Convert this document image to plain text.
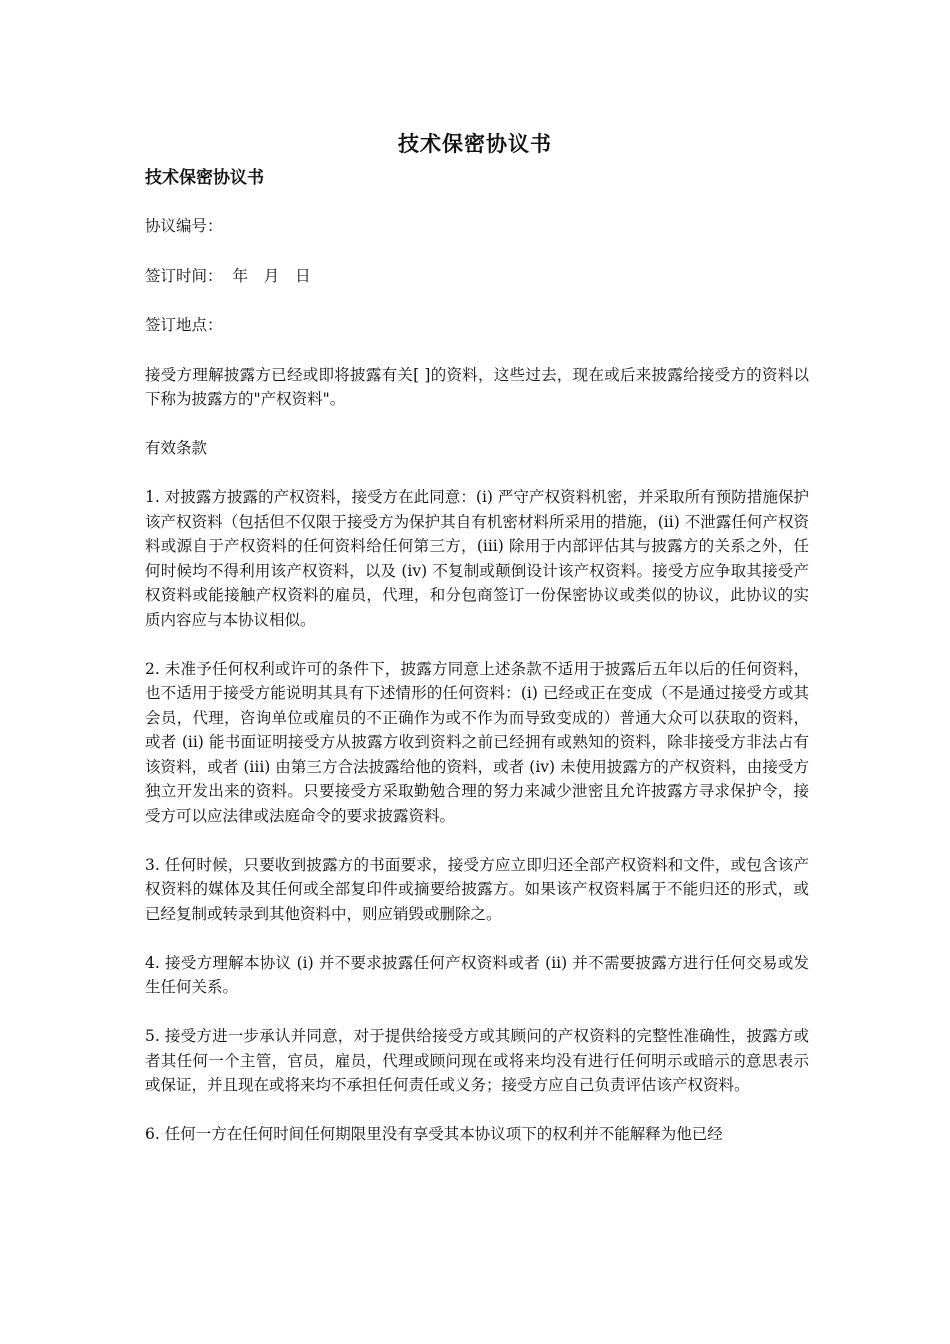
技术保密协议书
技术保密协议书
协议编号：
签订时间： 年 月 日
签订地点：

接受方理解披露方已经或即将披露有关[ ]的资料，这些过去，现在或后来披露给接受方的资料以下称为披露方的"产权资料"。

有效条款

1. 对披露方披露的产权资料，接受方在此同意：(i) 严守产权资料机密，并采取所有预防措施保护该产权资料（包括但不仅限于接受方为保护其自有机密材料所采用的措施，(ii) 不泄露任何产权资料或源自于产权资料的任何资料给任何第三方，(iii) 除用于内部评估其与披露方的关系之外，任何时候均不得利用该产权资料，以及 (iv) 不复制或颠倒设计该产权资料。接受方应争取其接受产权资料或能接触产权资料的雇员，代理，和分包商签订一份保密协议或类似的协议，此协议的实质内容应与本协议相似。

2. 未准予任何权利或许可的条件下，披露方同意上述条款不适用于披露后五年以后的任何资料，也不适用于接受方能说明其具有下述情形的任何资料：(i) 已经或正在变成（不是通过接受方或其会员，代理，咨询单位或雇员的不正确作为或不作为而导致变成的）普通大众可以获取的资料，或者 (ii) 能书面证明接受方从披露方收到资料之前已经拥有或熟知的资料，除非接受方非法占有该资料，或者 (iii) 由第三方合法披露给他的资料，或者 (iv) 未使用披露方的产权资料，由接受方独立开发出来的资料。只要接受方采取勤勉合理的努力来减少泄密且允许披露方寻求保护令，接受方可以应法律或法庭命令的要求披露资料。

3. 任何时候，只要收到披露方的书面要求，接受方应立即归还全部产权资料和文件，或包含该产权资料的媒体及其任何或全部复印件或摘要给披露方。如果该产权资料属于不能归还的形式，或已经复制或转录到其他资料中，则应销毁或删除之。

4. 接受方理解本协议 (i) 并不要求披露任何产权资料或者 (ii) 并不需要披露方进行任何交易或发生任何关系。

5. 接受方进一步承认并同意，对于提供给接受方或其顾问的产权资料的完整性准确性，披露方或者其任何一个主管，官员，雇员，代理或顾问现在或将来均没有进行任何明示或暗示的意思表示或保证，并且现在或将来均不承担任何责任或义务；接受方应自己负责评估该产权资料。

6. 任何一方在任何时间任何期限里没有享受其本协议项下的权利并不能解释为他已经
